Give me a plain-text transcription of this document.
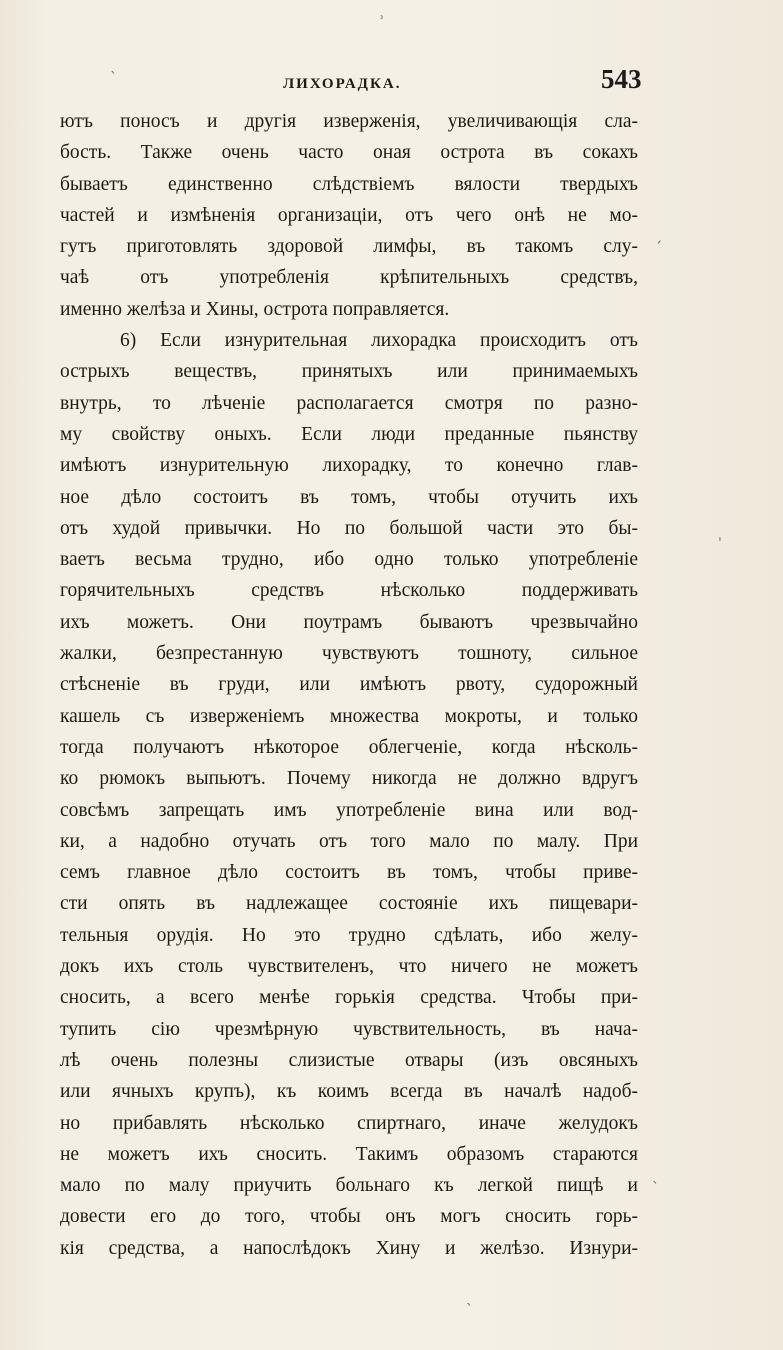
ЛИХОРАДКА.	543
ютъ поносъ и другія изверженія, увеличивающія сла-
бость. Также очень часто оная острота въ сокахъ
бываетъ единственно слѣдствіемъ вялости твердыхъ
частей и измѣненія организаціи, отъ чего онѣ не мо-
гутъ приготовлять здоровой лимфы, въ такомъ слу-
чаѣ отъ употребленія крѣпительныхъ средствъ,
именно желѣза и Хины, острота поправляется.
6) Если изнурительная лихорадка происходитъ отъ
острыхъ веществъ, принятыхъ или принимаемыхъ
внутрь, то лѣченіе располагается смотря по разно-
му свойству оныхъ. Если люди преданные пьянству
имѣютъ изнурительную лихорадку, то конечно глав-
ное дѣло состоитъ въ томъ, чтобы отучить ихъ
отъ худой привычки. Но по большой части это бы-
ваетъ весьма трудно, ибо одно только употребленіе
горячительныхъ средствъ нѣсколько поддерживать
ихъ можетъ. Они поутрамъ бываютъ чрезвычайно
жалки, безпрестанную чувствуютъ тошноту, сильное
стѣсненіе въ груди, или имѣютъ рвоту, судорожный
кашель съ изверженіемъ множества мокроты, и только
тогда получаютъ нѣкоторое облегченіе, когда нѣсколь-
ко рюмокъ выпьютъ. Почему никогда не должно вдругъ
совсѣмъ запрещать имъ употребленіе вина или вод-
ки, а надобно отучать отъ того мало по малу. При
семъ главное дѣло состоитъ въ томъ, чтобы приве-
сти опять въ надлежащее состояніе ихъ пищевари-
тельныя орудія. Но это трудно сдѣлать, ибо желу-
докъ ихъ столь чувствителенъ, что ничего не можетъ
сносить, а всего менѣе горькія средства. Чтобы при-
тупить сію чрезмѣрную чувствительность, въ нача-
лѣ очень полезны слизистые отвары (изъ овсяныхъ
или ячныхъ крупъ), къ коимъ всегда въ началѣ надоб-
но прибавлять нѣсколько спиртнаго, иначе желудокъ
не можетъ ихъ сносить. Такимъ образомъ стараются
мало по малу приучить больнаго къ легкой пищѣ и
довести его до того, чтобы онъ могъ сносить горь-
кія средства, а напослѣдокъ Хину и желѣзо. Изнури-
ʾ
ˎ
ˏ
ˈ
ˎ
ˎ
